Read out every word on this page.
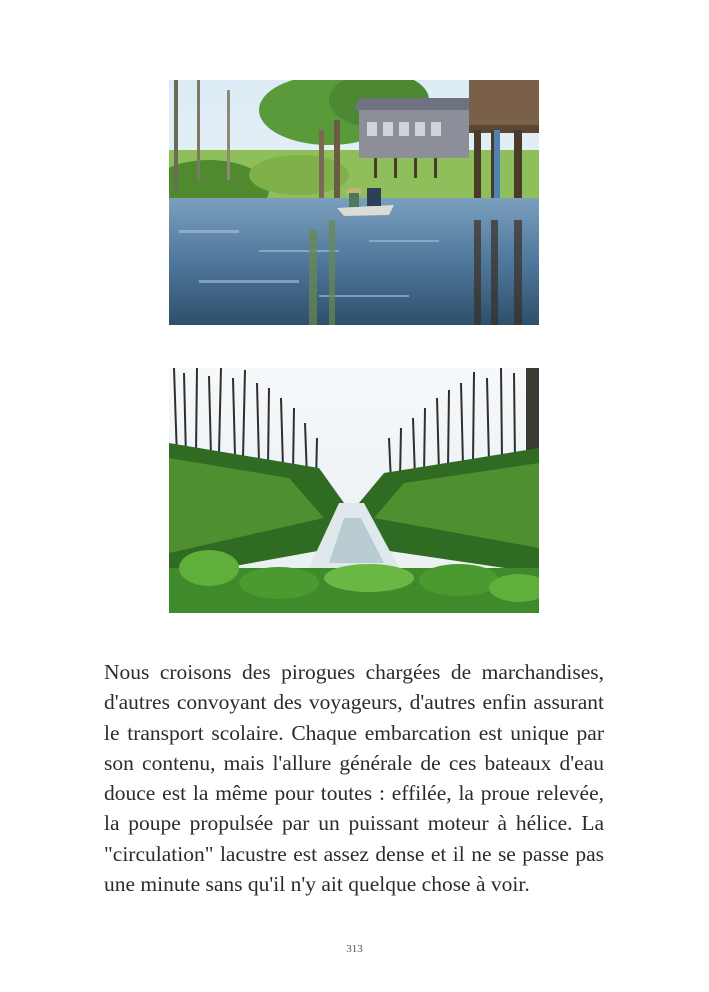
Nous croisons des pirogues chargées de marchandises, d'autres convoyant des voyageurs, d'autres enfin assurant le transport scolaire. Chaque embarcation est unique par son contenu, mais l'allure générale de ces bateaux d'eau douce est la même pour toutes : effilée, la proue relevée, la poupe propulsée par un puissant moteur à hélice. La "circulation" lacustre est assez dense et il ne se passe pas une minute sans qu'il n'y ait quelque chose à voir.

313
